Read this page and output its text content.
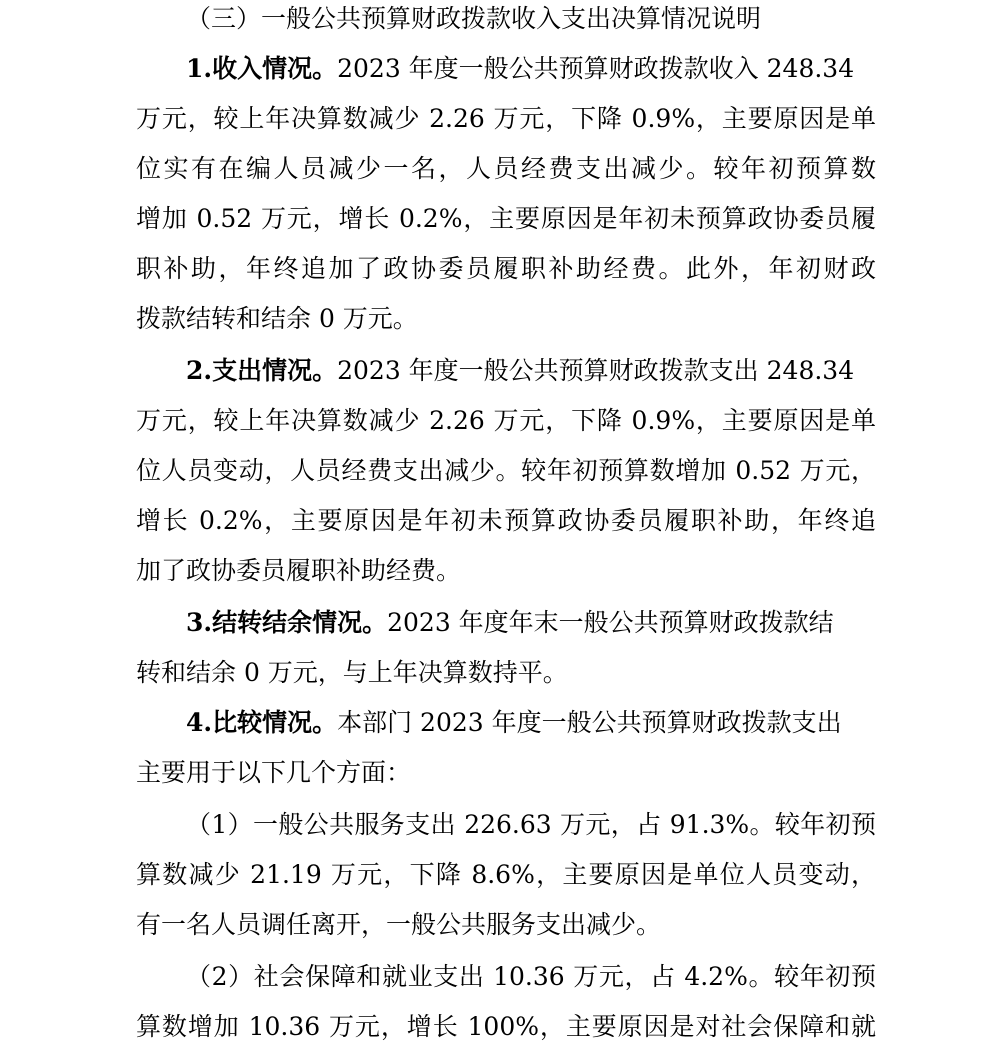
（三）一般公共预算财政拨款收入支出决算情况说明
1.收入情况。2023 年度一般公共预算财政拨款收入 248.34
万元，较上年决算数减少 2.26 万元，下降 0.9%，主要原因是单
位实有在编人员减少一名，人员经费支出减少。较年初预算数
增加 0.52 万元，增长 0.2%，主要原因是年初未预算政协委员履
职补助，年终追加了政协委员履职补助经费。此外，年初财政
拨款结转和结余 0 万元。
2.支出情况。2023 年度一般公共预算财政拨款支出 248.34
万元，较上年决算数减少 2.26 万元，下降 0.9%，主要原因是单
位人员变动，人员经费支出减少。较年初预算数增加 0.52 万元，
增长 0.2%，主要原因是年初未预算政协委员履职补助，年终追
加了政协委员履职补助经费。
3.结转结余情况。2023 年度年末一般公共预算财政拨款结
转和结余 0 万元，与上年决算数持平。
4.比较情况。本部门 2023 年度一般公共预算财政拨款支出
主要用于以下几个方面：
（1）一般公共服务支出 226.63 万元，占 91.3%。较年初预
算数减少 21.19 万元，下降 8.6%，主要原因是单位人员变动，
有一名人员调任离开，一般公共服务支出减少。
（2）社会保障和就业支出 10.36 万元，占 4.2%。较年初预
算数增加 10.36 万元，增长 100%，主要原因是对社会保障和就
